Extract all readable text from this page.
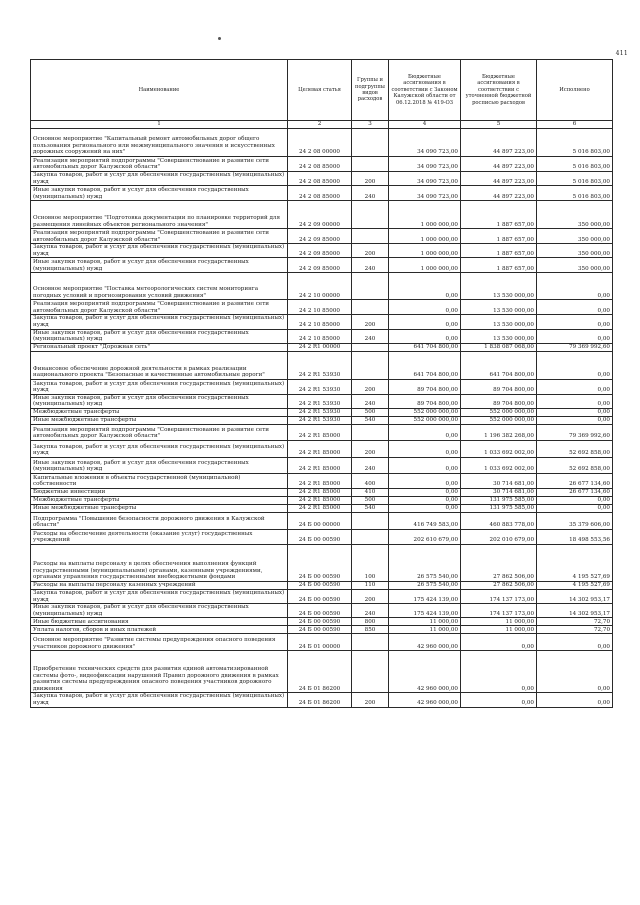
411
Наименование	Целевая статья	Группы и подгруппы видов расходов	Бюджетные ассигнования в соответствии с Законом Калужской области от 06.12.2018 № 419-ОЗ	Бюджетные ассигнования в соответствии с уточненной бюджетной росписью расходов	Исполнено
1	2	3	4	5	6
Основное мероприятие "Капитальный ремонт автомобильных дорог общего пользования регионального или межмуниципального значения и искусственных дорожных сооружений на них"	24 2 08 00000		34 090 723,00	44 897 223,00	5 016 803,00
Реализация мероприятий подпрограммы "Совершенствование и развитие сети автомобильных дорог Калужской области"	24 2 08 85000		34 090 723,00	44 897 223,00	5 016 803,00
Закупка товаров, работ и услуг для обеспечения государственных (муниципальных) нужд	24 2 08 85000	200	34 090 723,00	44 897 223,00	5 016 803,00
Иные закупки товаров, работ и услуг для обеспечения государственных (муниципальных) нужд	24 2 08 85000	240	34 090 723,00	44 897 223,00	5 016 803,00
Основное мероприятие "Подготовка документации по планировке территорий для размещения линейных объектов регионального значения"	24 2 09 00000		1 000 000,00	1 887 657,00	350 000,00
Реализация мероприятий подпрограммы "Совершенствование и развитие сети автомобильных дорог Калужской области"	24 2 09 85000		1 000 000,00	1 887 657,00	350 000,00
Закупка товаров, работ и услуг для обеспечения государственных (муниципальных) нужд	24 2 09 85000	200	1 000 000,00	1 887 657,00	350 000,00
Иные закупки товаров, работ и услуг для обеспечения государственных (муниципальных) нужд	24 2 09 85000	240	1 000 000,00	1 887 657,00	350 000,00
Основное мероприятие "Поставка метеорологических систем мониторинга погодных условий и прогнозирования условий движения"	24 2 10 00000		0,00	13 530 000,00	0,00
Реализация мероприятий подпрограммы "Совершенствование и развитие сети автомобильных дорог Калужской области"	24 2 10 85000		0,00	13 530 000,00	0,00
Закупка товаров, работ и услуг для обеспечения государственных (муниципальных) нужд	24 2 10 85000	200	0,00	13 530 000,00	0,00
Иные закупки товаров, работ и услуг для обеспечения государственных (муниципальных) нужд	24 2 10 85000	240	0,00	13 530 000,00	0,00
Региональный проект "Дорожная сеть"	24 2 R1 00000		641 704 800,00	1 838 087 068,00	79 369 992,60
Финансовое обеспечение дорожной деятельности в рамках реализации национального проекта "Безопасные и качественные автомобильные дороги"	24 2 R1 53930		641 704 800,00	641 704 800,00	0,00
Закупка товаров, работ и услуг для обеспечения государственных (муниципальных) нужд	24 2 R1 53930	200	89 704 800,00	89 704 800,00	0,00
Иные закупки товаров, работ и услуг для обеспечения государственных (муниципальных) нужд	24 2 R1 53930	240	89 704 800,00	89 704 800,00	0,00
Межбюджетные трансферты	24 2 R1 53930	500	552 000 000,00	552 000 000,00	0,00
Иные межбюджетные трансферты	24 2 R1 53930	540	552 000 000,00	552 000 000,00	0,00
Реализация мероприятий подпрограммы "Совершенствование и развитие сети автомобильных дорог Калужской области"	24 2 R1 85000		0,00	1 196 382 268,00	79 369 992,60
Закупка товаров, работ и услуг для обеспечения государственных (муниципальных) нужд	24 2 R1 85000	200	0,00	1 033 692 002,00	52 692 858,00
Иные закупки товаров, работ и услуг для обеспечения государственных (муниципальных) нужд	24 2 R1 85000	240	0,00	1 033 692 002,00	52 692 858,00
Капитальные вложения в объекты государственной (муниципальной) собственности	24 2 R1 85000	400	0,00	30 714 681,00	26 677 134,60
Бюджетные инвестиции	24 2 R1 85000	410	0,00	30 714 681,00	26 677 134,60
Межбюджетные трансферты	24 2 R1 85000	500	0,00	131 975 585,00	0,00
Иные межбюджетные трансферты	24 2 R1 85000	540	0,00	131 975 585,00	0,00
Подпрограмма "Повышение безопасности дорожного движения в Калужской области"	24 Б 00 00000		416 749 583,00	460 883 778,00	35 379 606,00
Расходы на обеспечение деятельности (оказание услуг) государственных учреждений	24 Б 00 00590		202 610 679,00	202 010 679,00	18 498 553,56
Расходы на выплаты персоналу в целях обеспечения выполнения функций государственными (муниципальными) органами, казенными учреждениями, органами управления государственными внебюджетными фондами	24 Б 00 00590	100	26 575 540,00	27 862 506,00	4 195 527,69
Расходы на выплаты персоналу казенных учреждений	24 Б 00 00590	110	26 575 540,00	27 862 506,00	4 195 527,69
Закупка товаров, работ и услуг для обеспечения государственных (муниципальных) нужд	24 Б 00 00590	200	175 424 139,00	174 137 173,00	14 302 953,17
Иные закупки товаров, работ и услуг для обеспечения государственных (муниципальных) нужд	24 Б 00 00590	240	175 424 139,00	174 137 173,00	14 302 953,17
Иные бюджетные ассигнования	24 Б 00 00590	800	11 000,00	11 000,00	72,70
Уплата налогов, сборов и иных платежей	24 Б 00 00590	850	11 000,00	11 000,00	72,70
Основное мероприятие "Развитие системы предупреждения опасного поведения участников дорожного движения"	24 Б 01 00000		42 960 000,00	0,00	0,00
Приобретение технических средств для развития единой автоматизированной системы фото-, видеофиксации нарушений Правил дорожного движения в рамках развития системы предупреждения опасного поведения участников дорожного движения	24 Б 01 86200		42 960 000,00	0,00	0,00
Закупка товаров, работ и услуг для обеспечения государственных (муниципальных) нужд	24 Б 01 86200	200	42 960 000,00	0,00	0,00
